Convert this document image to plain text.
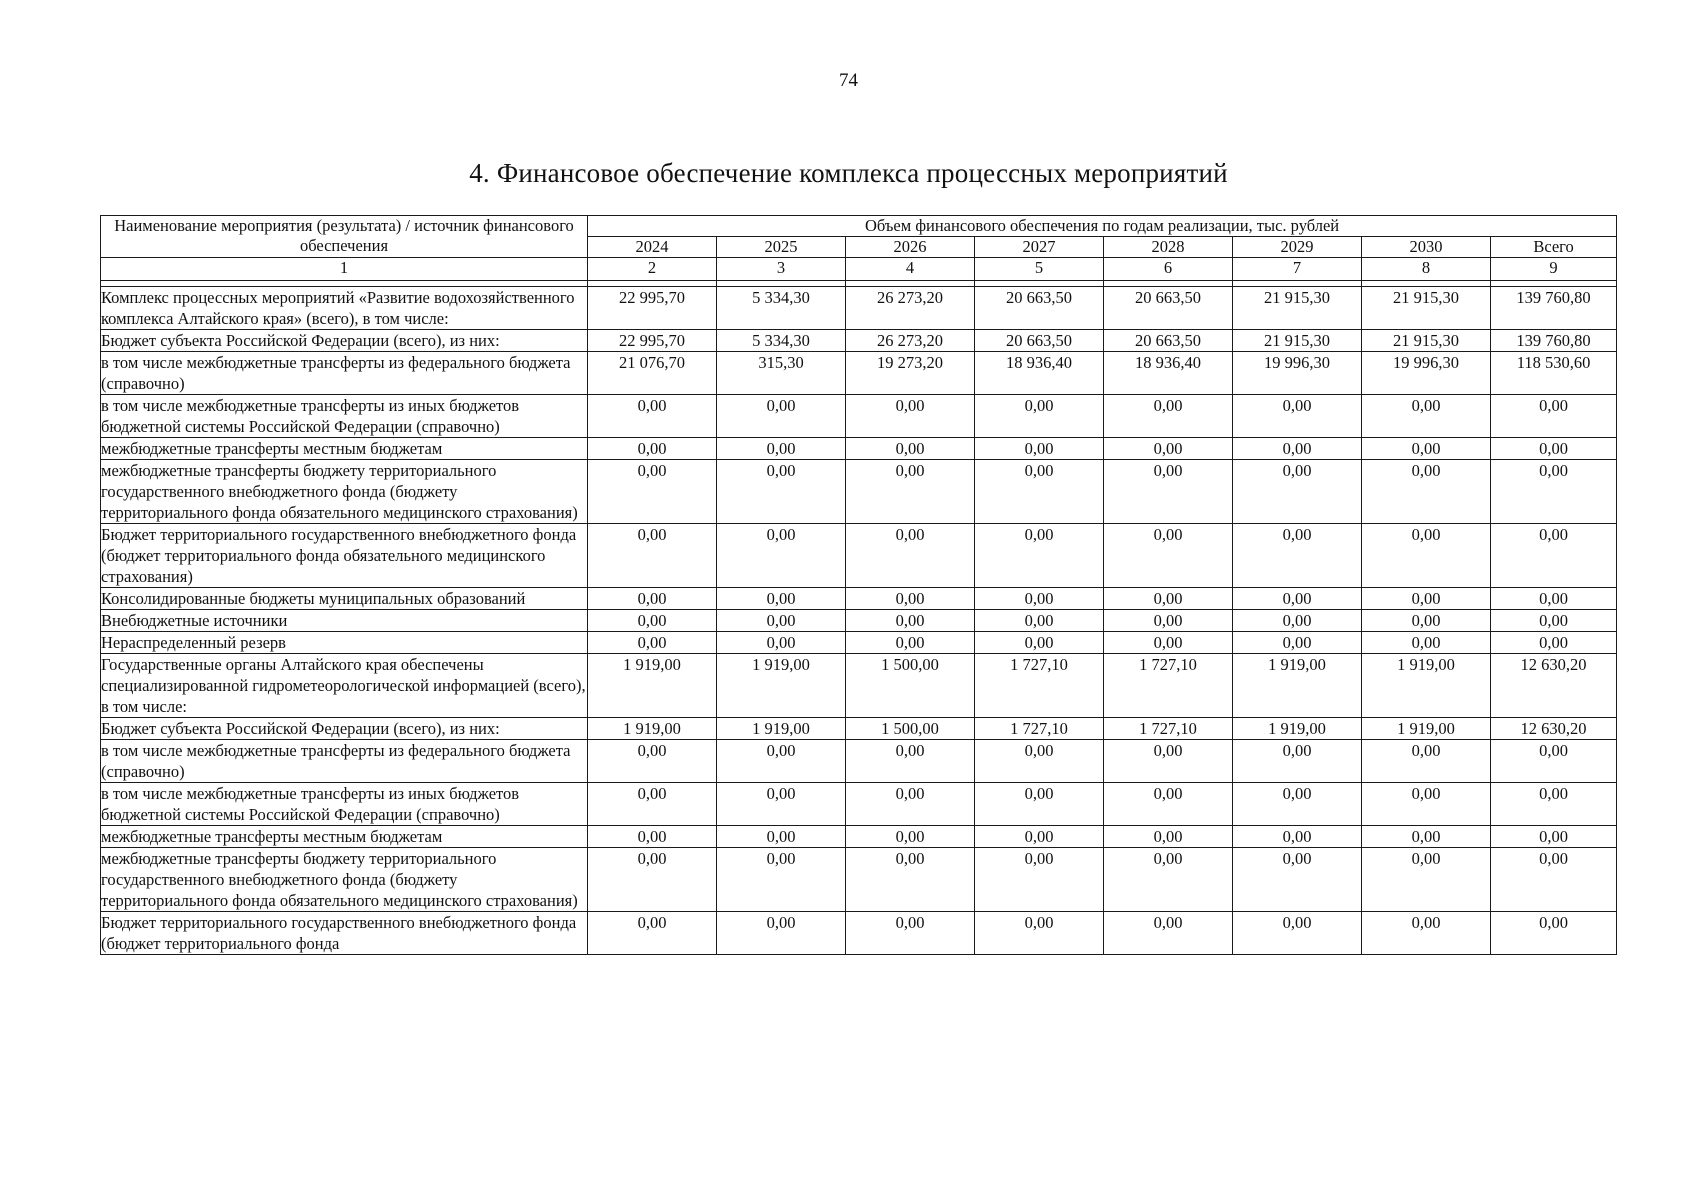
74
4. Финансовое обеспечение комплекса процессных мероприятий
Наименование мероприятия (результата) / источник финансового обеспечения	Объем финансового обеспечения по годам реализации, тыс. рублей							
	2024	2025	2026	2027	2028	2029	2030	Всего
1	2	3	4	5	6	7	8	9

Комплекс процессных мероприятий «Развитие водохозяйственного комплекса Алтайского края» (всего), в том числе:	22 995,70	5 334,30	26 273,20	20 663,50	20 663,50	21 915,30	21 915,30	139 760,80
Бюджет субъекта Российской Федерации (всего), из них:	22 995,70	5 334,30	26 273,20	20 663,50	20 663,50	21 915,30	21 915,30	139 760,80
в том числе межбюджетные трансферты из федерального бюджета (справочно)	21 076,70	315,30	19 273,20	18 936,40	18 936,40	19 996,30	19 996,30	118 530,60
в том числе межбюджетные трансферты из иных бюджетов бюджетной системы Российской Федерации (справочно)	0,00	0,00	0,00	0,00	0,00	0,00	0,00	0,00
межбюджетные трансферты местным бюджетам	0,00	0,00	0,00	0,00	0,00	0,00	0,00	0,00
межбюджетные трансферты бюджету территориального государственного внебюджетного фонда (бюджету территориального фонда обязательного медицинского страхования)	0,00	0,00	0,00	0,00	0,00	0,00	0,00	0,00
Бюджет территориального государственного внебюджетного фонда (бюджет территориального фонда обязательного медицинского страхования)	0,00	0,00	0,00	0,00	0,00	0,00	0,00	0,00
Консолидированные бюджеты муниципальных образований	0,00	0,00	0,00	0,00	0,00	0,00	0,00	0,00
Внебюджетные источники	0,00	0,00	0,00	0,00	0,00	0,00	0,00	0,00
Нераспределенный резерв	0,00	0,00	0,00	0,00	0,00	0,00	0,00	0,00
Государственные органы Алтайского края обеспечены специализированной гидрометеорологической информацией (всего), в том числе:	1 919,00	1 919,00	1 500,00	1 727,10	1 727,10	1 919,00	1 919,00	12 630,20
Бюджет субъекта Российской Федерации (всего), из них:	1 919,00	1 919,00	1 500,00	1 727,10	1 727,10	1 919,00	1 919,00	12 630,20
в том числе межбюджетные трансферты из федерального бюджета (справочно)	0,00	0,00	0,00	0,00	0,00	0,00	0,00	0,00
в том числе межбюджетные трансферты из иных бюджетов бюджетной системы Российской Федерации (справочно)	0,00	0,00	0,00	0,00	0,00	0,00	0,00	0,00
межбюджетные трансферты местным бюджетам	0,00	0,00	0,00	0,00	0,00	0,00	0,00	0,00
межбюджетные трансферты бюджету территориального государственного внебюджетного фонда (бюджету территориального фонда обязательного медицинского страхования)	0,00	0,00	0,00	0,00	0,00	0,00	0,00	0,00
Бюджет территориального государственного внебюджетного фонда (бюджет территориального фонда	0,00	0,00	0,00	0,00	0,00	0,00	0,00	0,00
